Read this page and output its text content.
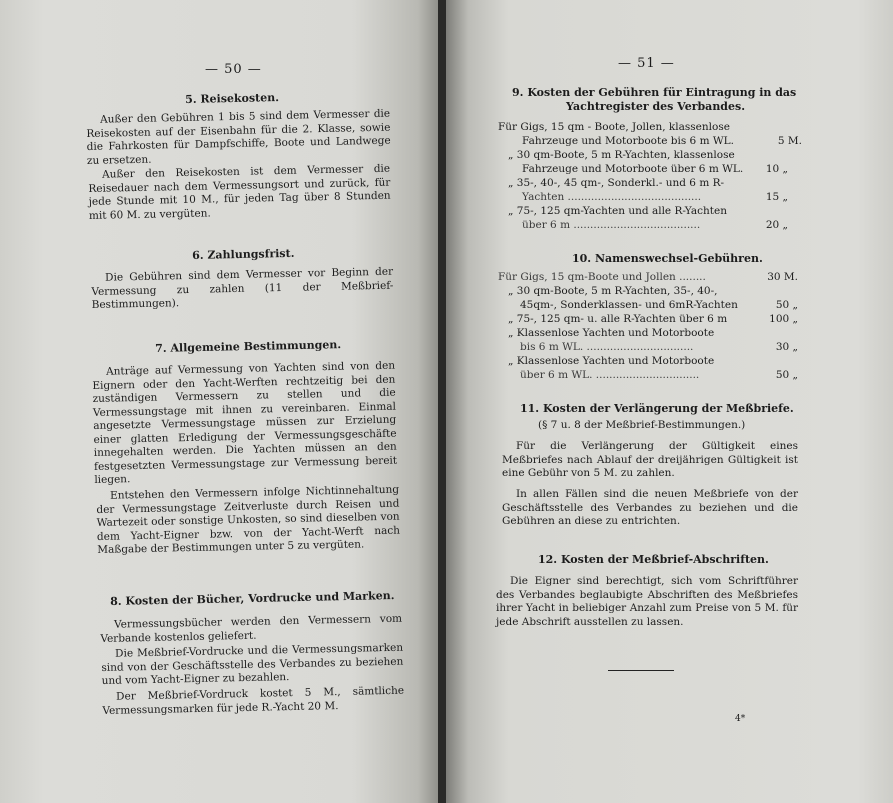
— 50 —
5. Reisekosten.
Außer den Gebühren 1 bis 5 sind dem Vermesser die Reisekosten auf der Eisenbahn für die 2. Klasse, sowie die Fahrkosten für Dampfschiffe, Boote und Landwege zu ersetzen.
Außer den Reisekosten ist dem Vermesser die Reisedauer nach dem Vermessungsort und zurück, für jede Stunde mit 10 M., für jeden Tag über 8 Stunden mit 60 M. zu vergüten.
6. Zahlungsfrist.
Die Gebühren sind dem Vermesser vor Beginn der Vermessung zu zahlen (11 der Meßbrief-Bestimmungen).
7. Allgemeine Bestimmungen.
Anträge auf Vermessung von Yachten sind von den Eignern oder den Yacht-Werften rechtzeitig bei den zuständigen Vermessern zu stellen und die Vermessungstage mit ihnen zu vereinbaren. Einmal angesetzte Vermessungstage müssen zur Erzielung einer glatten Erledigung der Vermessungsgeschäfte innegehalten werden. Die Yachten müssen an den festgesetzten Vermessungstage zur Vermessung bereit liegen.
Entstehen den Vermessern infolge Nichtinnehaltung der Vermessungstage Zeitverluste durch Reisen und Wartezeit oder sonstige Unkosten, so sind dieselben von dem Yacht-Eigner bzw. von der Yacht-Werft nach Maßgabe der Bestimmungen unter 5 zu vergüten.
8. Kosten der Bücher, Vordrucke und Marken.
Vermessungsbücher werden den Vermessern vom Verbande kostenlos geliefert.
Die Meßbrief-Vordrucke und die Vermessungsmarken sind von der Geschäftsstelle des Verbandes zu beziehen und vom Yacht-Eigner zu bezahlen.
Der Meßbrief-Vordruck kostet 5 M., sämtliche Vermessungsmarken für jede R.-Yacht 20 M.
— 51 —
9. Kosten der Gebühren für Eintragung in das
Yachtregister des Verbandes.
Für Gigs, 15 qm - Boote, Jollen, klassenlose
Fahrzeuge und Motorboote bis 6 m WL.	5 M.
„ 30 qm-Boote, 5 m R-Yachten, klassenlose
Fahrzeuge und Motorboote über 6 m WL. 10 „
„ 35-, 40-, 45 qm-, Sonderkl.- und 6 m R-
Yachten ........................................	15 „
„ 75-, 125 qm-Yachten und alle R-Yachten
über 6 m ......................................	20 „
10. Namenswechsel-Gebühren.
Für Gigs, 15 qm-Boote und Jollen ........	30 M.
„ 30 qm-Boote, 5 m R-Yachten, 35-, 40-,
45qm-, Sonderklassen- und 6mR-Yachten	50 „
„ 75-, 125 qm- u. alle R-Yachten über 6 m	100 „
„ Klassenlose Yachten und Motorboote
bis 6 m WL. ................................	30 „
„ Klassenlose Yachten und Motorboote
über 6 m WL. ...............................	50 „
11. Kosten der Verlängerung der Meßbriefe.
(§ 7 u. 8 der Meßbrief-Bestimmungen.)
Für die Verlängerung der Gültigkeit eines Meßbriefes nach Ablauf der dreijährigen Gültigkeit ist eine Gebühr von 5 M. zu zahlen.
In allen Fällen sind die neuen Meßbriefe von der Geschäftsstelle des Verbandes zu beziehen und die Gebühren an diese zu entrichten.
12. Kosten der Meßbrief-Abschriften.
Die Eigner sind berechtigt, sich vom Schriftführer des Verbandes beglaubigte Abschriften des Meßbriefes ihrer Yacht in beliebiger Anzahl zum Preise von 5 M. für jede Abschrift ausstellen zu lassen.
4*
